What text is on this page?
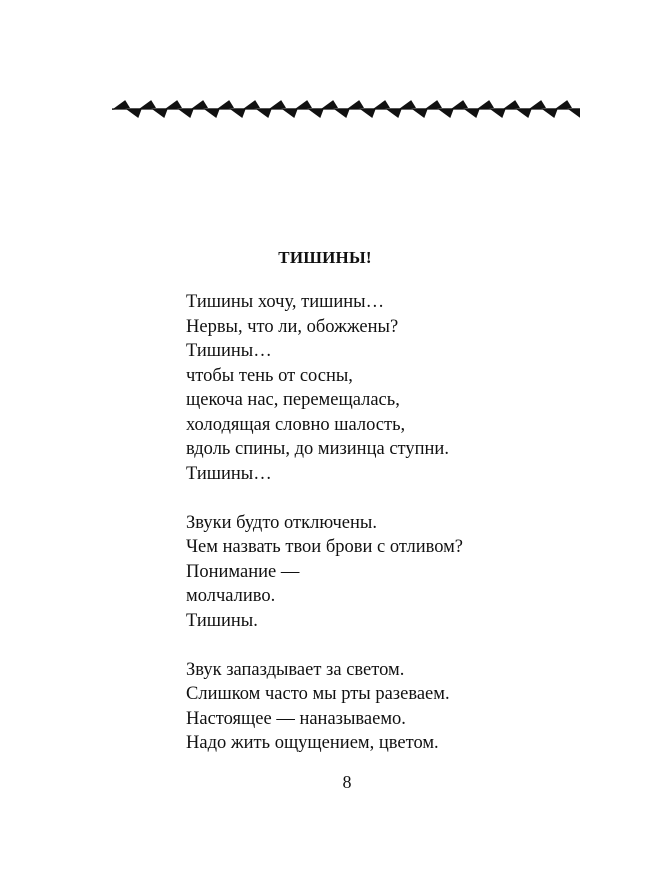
ТИШИНЫ!
Тишины хочу, тишины…
Нервы, что ли, обожжены?
Тишины…
чтобы тень от сосны,
щекоча нас, перемещалась,
холодящая словно шалость,
вдоль спины, до мизинца ступни.
Тишины…
Звуки будто отключены.
Чем назвать твои брови с отливом?
Понимание —
молчаливо.
Тишины.
Звук запаздывает за светом.
Слишком часто мы рты разеваем.
Настоящее — наназываемо.
Надо жить ощущением, цветом.
8
